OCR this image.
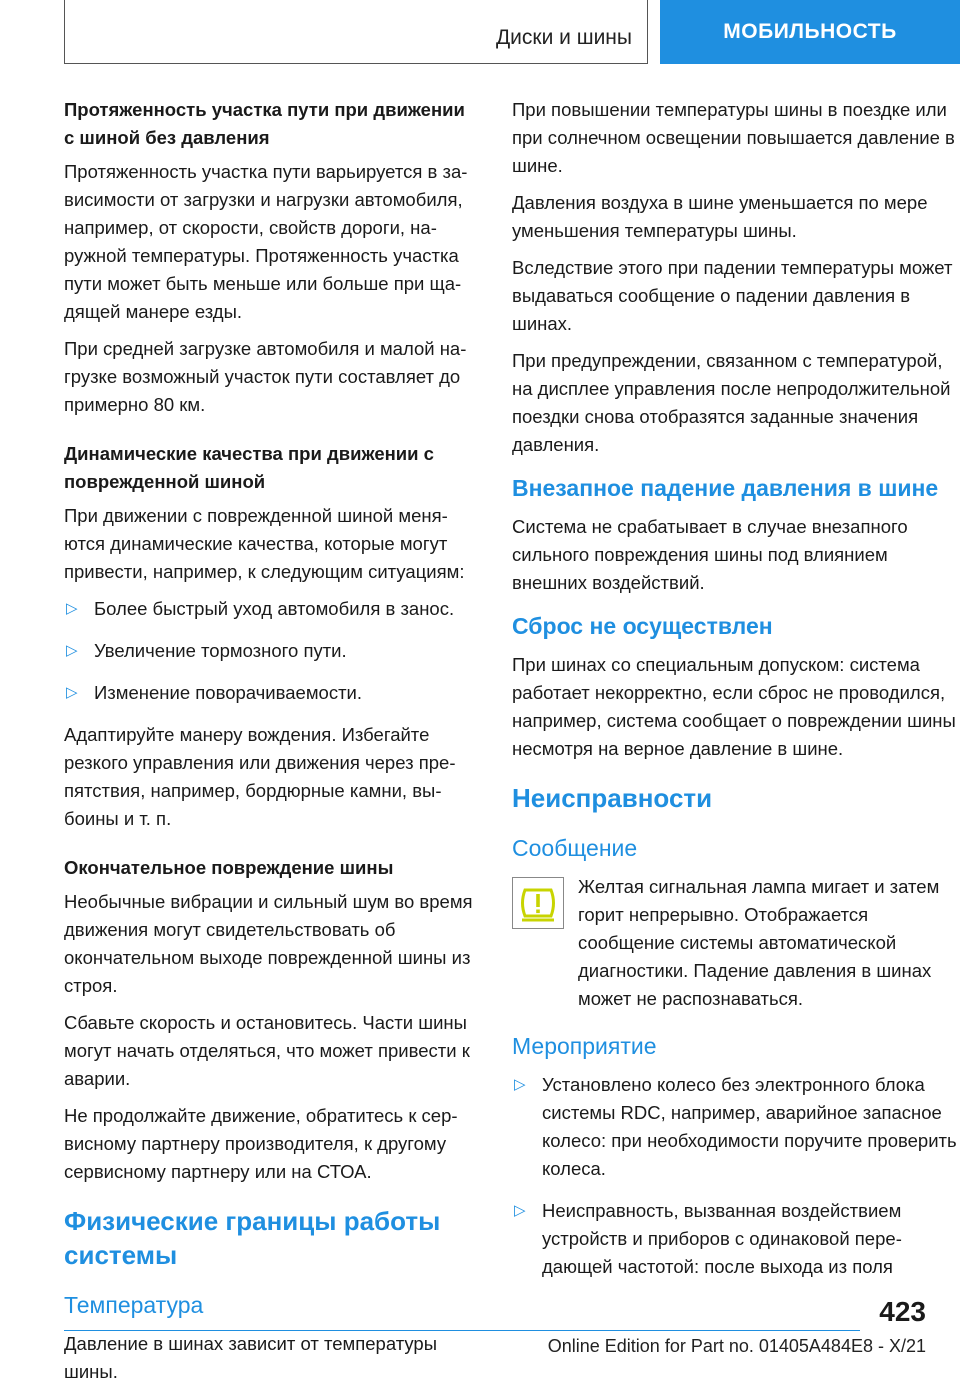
Диски и шины	МОБИЛЬНОСТЬ
Протяженность участка пути при движении с шиной без давления

Протяженность участка пути варьируется в зависимости от загрузки и нагрузки автомобиля, например, от скорости, свойств дороги, наружной температуры. Протяженность участка пути может быть меньше или больше при щадящей манере езды.

При средней загрузке автомобиля и малой нагрузке возможный участок пути составляет до примерно 80 км.

Динамические качества при движении с поврежденной шиной

При движении с поврежденной шиной меняются динамические качества, которые могут привести, например, к следующим ситуациям:

▷ Более быстрый уход автомобиля в занос.
▷ Увеличение тормозного пути.
▷ Изменение поворачиваемости.

Адаптируйте манеру вождения. Избегайте резкого управления или движения через препятствия, например, бордюрные камни, выбоины и т. п.

Окончательное повреждение шины

Необычные вибрации и сильный шум во время движения могут свидетельствовать об окончательном выходе поврежденной шины из строя.

Сбавьте скорость и остановитесь. Части шины могут начать отделяться, что может привести к аварии.

Не продолжайте движение, обратитесь к сервисному партнеру производителя, к другому сервисному партнеру или на СТОА.

Физические границы работы системы
Температура

Давление в шинах зависит от температуры шины.

При повышении температуры шины в поездке или при солнечном освещении повышается давление в шине.

Давления воздуха в шине уменьшается по мере уменьшения температуры шины.

Вследствие этого при падении температуры может выдаваться сообщение о падении давления в шинах.

При предупреждении, связанном с температурой, на дисплее управления после непродолжительной поездки снова отобразятся заданные значения давления.

Внезапное падение давления в шине

Система не срабатывает в случае внезапного сильного повреждения шины под влиянием внешних воздействий.

Сброс не осуществлен

При шинах со специальным допуском: система работает некорректно, если сброс не проводился, например, система сообщает о повреждении шины несмотря на верное давление в шине.

Неисправности
Сообщение

Желтая сигнальная лампа мигает и затем горит непрерывно. Отображается сообщение системы автоматической диагностики. Падение давления в шинах может не распознаваться.

Мероприятие
▷ Установлено колесо без электронного блока системы RDC, например, аварийное запасное колесо: при необходимости поручите проверить колеса.
▷ Неисправность, вызванная воздействием устройств и приборов с одинаковой передающей частотой: после выхода из поля
423
Online Edition for Part no. 01405A484E8 - X/21
